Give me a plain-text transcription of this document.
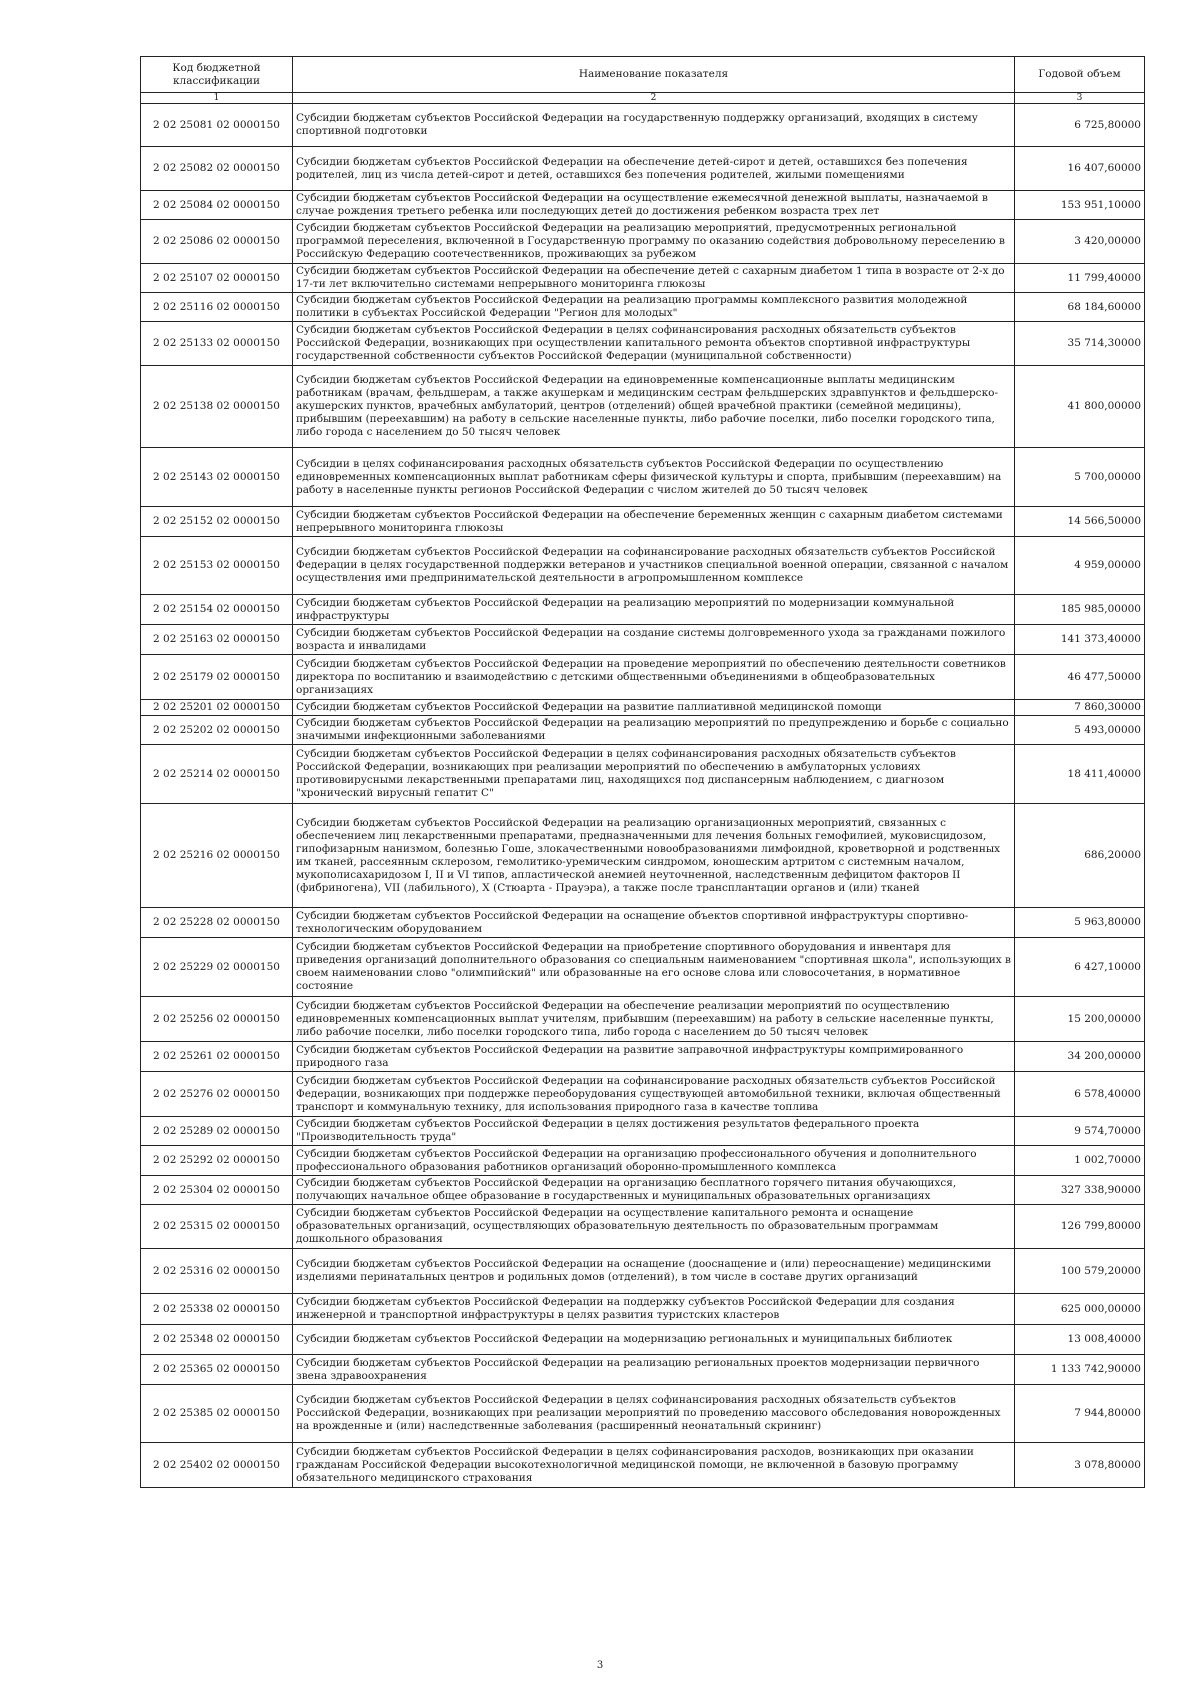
Код бюджетной классификации	Наименование показателя	Годовой объем
1	2	3
2 02 25081 02 0000150	Субсидии бюджетам субъектов Российской Федерации на государственную поддержку организаций, входящих в систему спортивной подготовки	6 725,80000
2 02 25082 02 0000150	Субсидии бюджетам субъектов Российской Федерации на обеспечение детей-сирот и детей, оставшихся без попечения родителей, лиц из числа детей-сирот и детей, оставшихся без попечения родителей, жилыми помещениями	16 407,60000
2 02 25084 02 0000150	Субсидии бюджетам субъектов Российской Федерации на осуществление ежемесячной денежной выплаты, назначаемой в случае рождения третьего ребенка или последующих детей до достижения ребенком возраста трех лет	153 951,10000
2 02 25086 02 0000150	Субсидии бюджетам субъектов Российской Федерации на реализацию мероприятий, предусмотренных региональной программой переселения, включенной в Государственную программу по оказанию содействия добровольному переселению в Российскую Федерацию соотечественников, проживающих за рубежом	3 420,00000
2 02 25107 02 0000150	Субсидии бюджетам субъектов Российской Федерации на обеспечение детей с сахарным диабетом 1 типа в возрасте от 2-х до 17-ти лет включительно системами непрерывного мониторинга глюкозы	11 799,40000
2 02 25116 02 0000150	Субсидии бюджетам субъектов Российской Федерации на реализацию программы комплексного развития молодежной политики в субъектах Российской Федерации "Регион для молодых"	68 184,60000
2 02 25133 02 0000150	Субсидии бюджетам субъектов Российской Федерации в целях софинансирования расходных обязательств субъектов Российской Федерации, возникающих при осуществлении капитального ремонта объектов спортивной инфраструктуры государственной собственности субъектов Российской Федерации (муниципальной собственности)	35 714,30000
2 02 25138 02 0000150	Субсидии бюджетам субъектов Российской Федерации на единовременные компенсационные выплаты медицинским работникам (врачам, фельдшерам, а также акушеркам и медицинским сестрам фельдшерских здравпунктов и фельдшерско-акушерских пунктов, врачебных амбулаторий, центров (отделений) общей врачебной практики (семейной медицины), прибывшим (переехавшим) на работу в сельские населенные пункты, либо рабочие поселки, либо поселки городского типа, либо города с населением до 50 тысяч человек	41 800,00000
2 02 25143 02 0000150	Субсидии в целях софинансирования расходных обязательств субъектов Российской Федерации по осуществлению единовременных компенсационных выплат работникам сферы физической культуры и спорта, прибывшим (переехавшим) на работу в населенные пункты регионов Российской Федерации с числом жителей до 50 тысяч человек	5 700,00000
2 02 25152 02 0000150	Субсидии бюджетам субъектов Российской Федерации на обеспечение беременных женщин с сахарным диабетом системами непрерывного мониторинга глюкозы	14 566,50000
2 02 25153 02 0000150	Субсидии бюджетам субъектов Российской Федерации на софинансирование расходных обязательств субъектов Российской Федерации в целях государственной поддержки ветеранов и участников специальной военной операции, связанной с началом осуществления ими предпринимательской деятельности в агропромышленном комплексе	4 959,00000
2 02 25154 02 0000150	Субсидии бюджетам субъектов Российской Федерации на реализацию мероприятий по модернизации коммунальной инфраструктуры	185 985,00000
2 02 25163 02 0000150	Субсидии бюджетам субъектов Российской Федерации на создание системы долговременного ухода за гражданами пожилого возраста и инвалидами	141 373,40000
2 02 25179 02 0000150	Субсидии бюджетам субъектов Российской Федерации на проведение мероприятий по обеспечению деятельности советников директора по воспитанию и взаимодействию с детскими общественными объединениями в общеобразовательных организациях	46 477,50000
2 02 25201 02 0000150	Субсидии бюджетам субъектов Российской Федерации на развитие паллиативной медицинской помощи	7 860,30000
2 02 25202 02 0000150	Субсидии бюджетам субъектов Российской Федерации на реализацию мероприятий по предупреждению и борьбе с социально значимыми инфекционными заболеваниями	5 493,00000
2 02 25214 02 0000150	Субсидии бюджетам субъектов Российской Федерации в целях софинансирования расходных обязательств субъектов Российской Федерации, возникающих при реализации мероприятий по обеспечению в амбулаторных условиях противовирусными лекарственными препаратами лиц, находящихся под диспансерным наблюдением, с диагнозом "хронический вирусный гепатит С"	18 411,40000
2 02 25216 02 0000150	Субсидии бюджетам субъектов Российской Федерации на реализацию организационных мероприятий, связанных с обеспечением лиц лекарственными препаратами, предназначенными для лечения больных гемофилией, муковисцидозом, гипофизарным нанизмом, болезнью Гоше, злокачественными новообразованиями лимфоидной, кроветворной и родственных им тканей, рассеянным склерозом, гемолитико-уремическим синдромом, юношеским артритом с системным началом, мукополисахаридозом I, II и VI типов, апластической анемией неуточненной, наследственным дефицитом факторов II (фибриногена), VII (лабильного), X (Стюарта - Прауэра), а также после трансплантации органов и (или) тканей	686,20000
2 02 25228 02 0000150	Субсидии бюджетам субъектов Российской Федерации на оснащение объектов спортивной инфраструктуры спортивно-технологическим оборудованием	5 963,80000
2 02 25229 02 0000150	Субсидии бюджетам субъектов Российской Федерации на приобретение спортивного оборудования и инвентаря для приведения организаций дополнительного образования со специальным наименованием "спортивная школа", использующих в своем наименовании слово "олимпийский" или образованные на его основе слова или словосочетания, в нормативное состояние	6 427,10000
2 02 25256 02 0000150	Субсидии бюджетам субъектов Российской Федерации на обеспечение реализации мероприятий по осуществлению единовременных компенсационных выплат учителям, прибывшим (переехавшим) на работу в сельские населенные пункты, либо рабочие поселки, либо поселки городского типа, либо города с населением до 50 тысяч человек	15 200,00000
2 02 25261 02 0000150	Субсидии бюджетам субъектов Российской Федерации на развитие заправочной инфраструктуры компримированного природного газа	34 200,00000
2 02 25276 02 0000150	Субсидии бюджетам субъектов Российской Федерации на софинансирование расходных обязательств субъектов Российской Федерации, возникающих при поддержке переоборудования существующей автомобильной техники, включая общественный транспорт и коммунальную технику, для использования природного газа в качестве топлива	6 578,40000
2 02 25289 02 0000150	Субсидии бюджетам субъектов Российской Федерации в целях достижения результатов федерального проекта "Производительность труда"	9 574,70000
2 02 25292 02 0000150	Субсидии бюджетам субъектов Российской Федерации на организацию профессионального обучения и дополнительного профессионального образования работников организаций оборонно-промышленного комплекса	1 002,70000
2 02 25304 02 0000150	Субсидии бюджетам субъектов Российской Федерации на организацию бесплатного горячего питания обучающихся, получающих начальное общее образование в государственных и муниципальных образовательных организациях	327 338,90000
2 02 25315 02 0000150	Субсидии бюджетам субъектов Российской Федерации на осуществление капитального ремонта и оснащение образовательных организаций, осуществляющих образовательную деятельность по образовательным программам дошкольного образования	126 799,80000
2 02 25316 02 0000150	Субсидии бюджетам субъектов Российской Федерации на оснащение (дооснащение и (или) переоснащение) медицинскими изделиями перинатальных центров и родильных домов (отделений), в том числе в составе других организаций	100 579,20000
2 02 25338 02 0000150	Субсидии бюджетам субъектов Российской Федерации на поддержку субъектов Российской Федерации для создания инженерной и транспортной инфраструктуры в целях развития туристских кластеров	625 000,00000
2 02 25348 02 0000150	Субсидии бюджетам субъектов Российской Федерации на модернизацию региональных и муниципальных библиотек	13 008,40000
2 02 25365 02 0000150	Субсидии бюджетам субъектов Российской Федерации на реализацию региональных проектов модернизации первичного звена здравоохранения	1 133 742,90000
2 02 25385 02 0000150	Субсидии бюджетам субъектов Российской Федерации в целях софинансирования расходных обязательств субъектов Российской Федерации, возникающих при реализации мероприятий по проведению массового обследования новорожденных на врожденные и (или) наследственные заболевания (расширенный неонатальный скрининг)	7 944,80000
2 02 25402 02 0000150	Субсидии бюджетам субъектов Российской Федерации в целях софинансирования расходов, возникающих при оказании гражданам Российской Федерации высокотехнологичной медицинской помощи, не включенной в базовую программу обязательного медицинского страхования	3 078,80000
3
